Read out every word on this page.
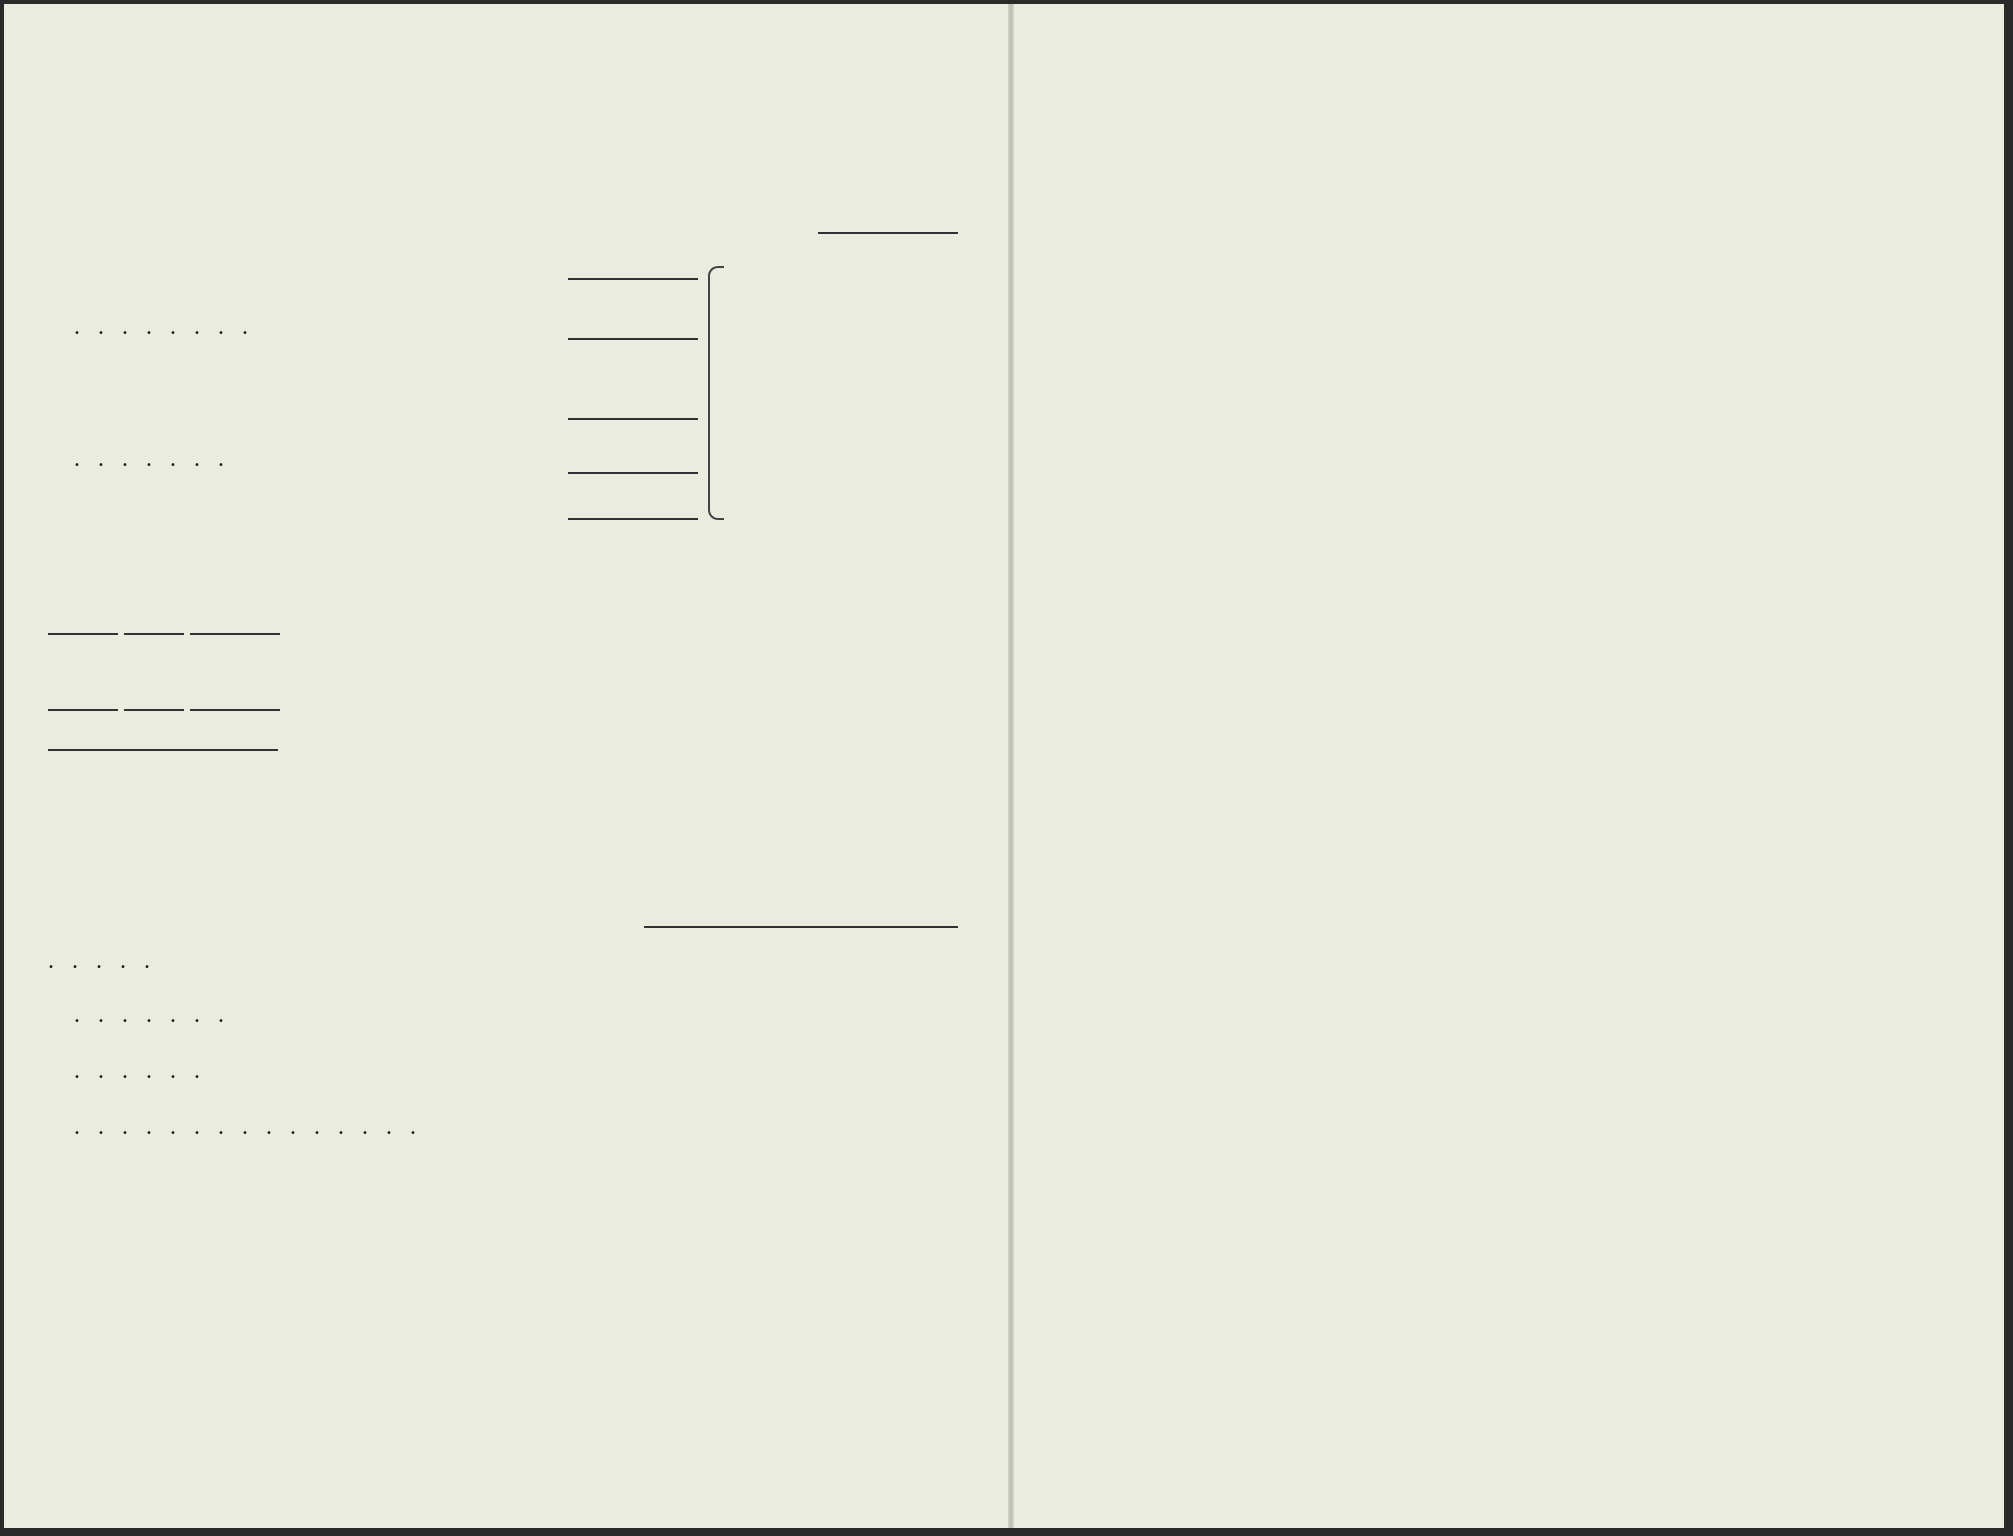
. . . . . . . .
. . . . . . .

. . . . .
. . . . . . .
. . . . . .
. . . . . . . . . . . . . . .
